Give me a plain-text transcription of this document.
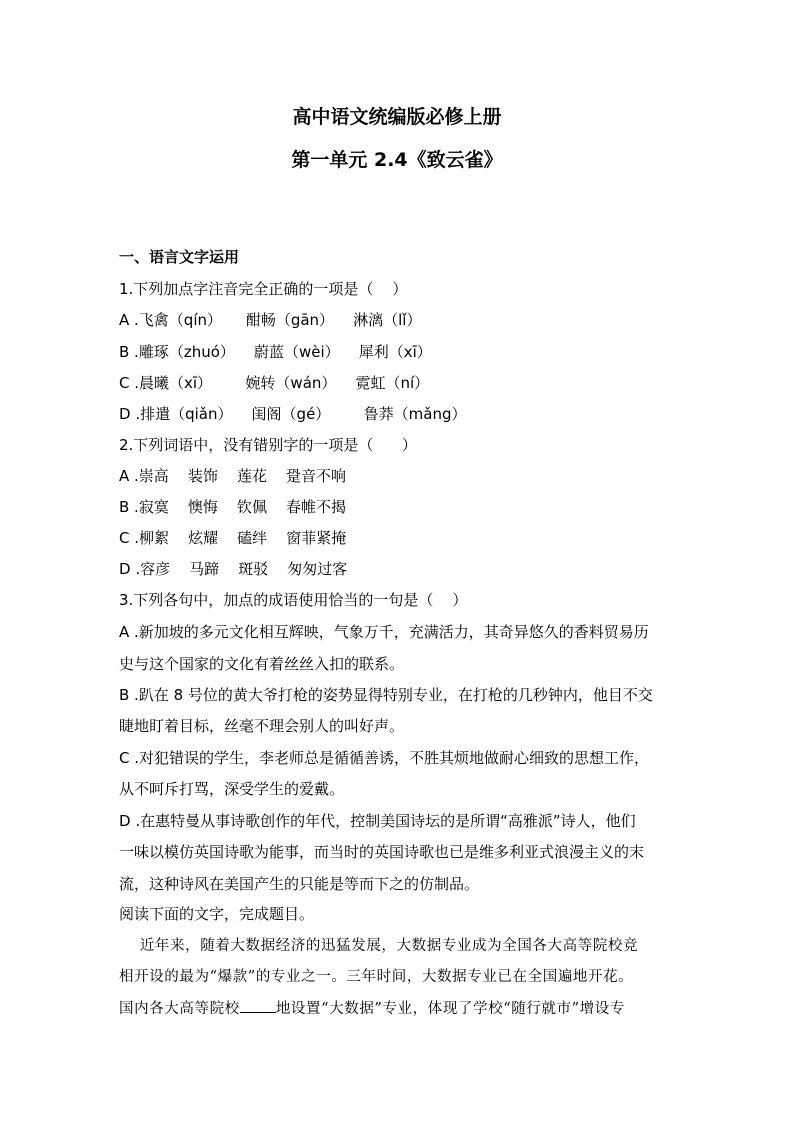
高中语文统编版必修上册
第一单元 2.4《致云雀》
一、语言文字运用
1.下列加点字注音完全正确的一项是（    ）
A .飞禽（qín）     酣畅（gān）    淋漓（lǐ）
B .雕琢（zhuó）    蔚蓝（wèi）    犀利（xī）
C .晨曦（xī）       婉转（wán）    霓虹（ní）
D .排遣（qiǎn）    闺阁（gé）       鲁莽（mǎng）
2.下列词语中，没有错别字的一项是（      ）
A .崇高    装饰    莲花    跫音不响
B .寂寞    懊悔    钦佩    春帷不揭
C .柳絮    炫耀    磕绊    窗菲紧掩
D .容彦    马蹄    斑驳    匆匆过客
3.下列各句中，加点的成语使用恰当的一句是（    ）
A .新加坡的多元文化相互辉映，气象万千，充满活力，其奇异悠久的香料贸易历
史与这个国家的文化有着丝丝入扣的联系。
B .趴在 8 号位的黄大爷打枪的姿势显得特别专业，在打枪的几秒钟内，他目不交
睫地盯着目标，丝毫不理会别人的叫好声。
C .对犯错误的学生，李老师总是循循善诱，不胜其烦地做耐心细致的思想工作，
从不呵斥打骂，深受学生的爱戴。
D .在惠特曼从事诗歌创作的年代，控制美国诗坛的是所谓“高雅派”诗人，他们
一味以模仿英国诗歌为能事，而当时的英国诗歌也已是维多利亚式浪漫主义的末
流，这种诗风在美国产生的只能是等而下之的仿制品。
阅读下面的文字，完成题目。
近年来，随着大数据经济的迅猛发展，大数据专业成为全国各大高等院校竞
相开设的最为“爆款”的专业之一。三年时间，大数据专业已在全国遍地开花。
国内各大高等院校 地设置“大数据”专业，体现了学校“随行就市”增设专
